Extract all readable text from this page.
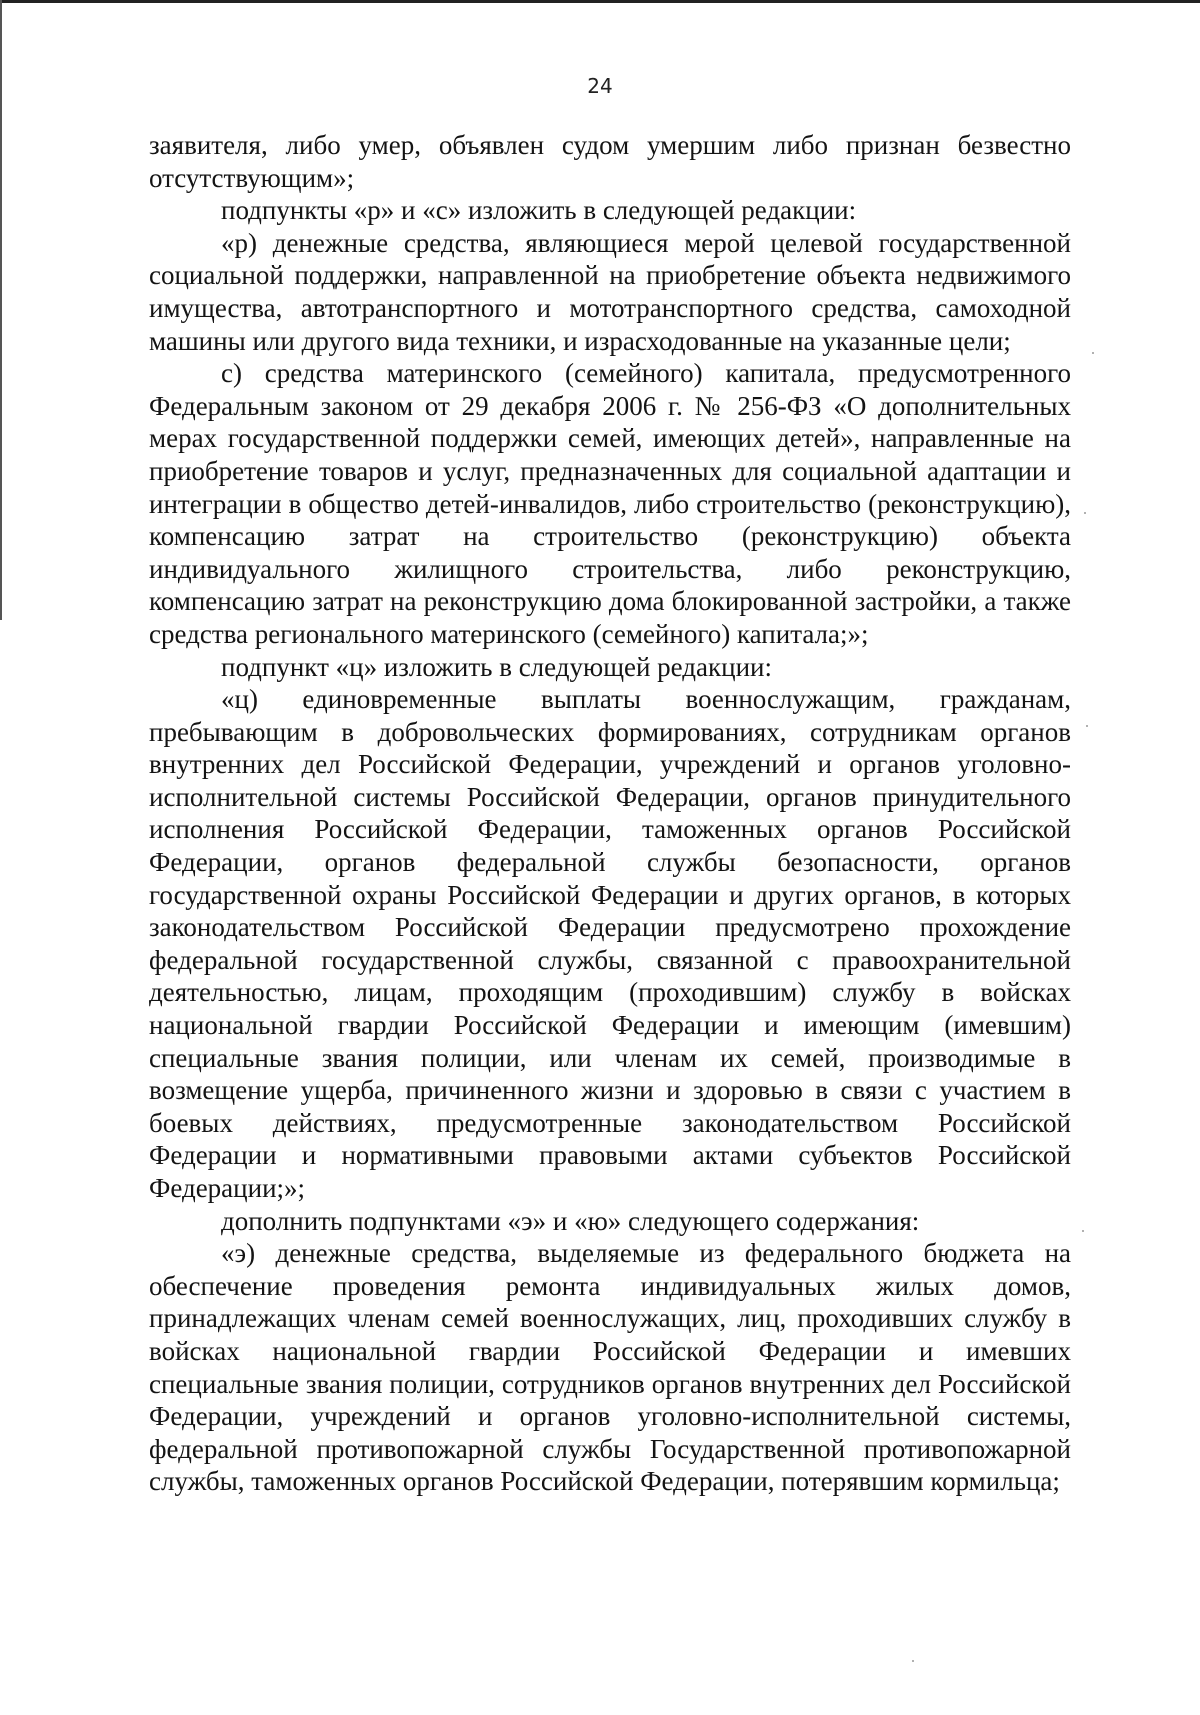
24

заявителя, либо умер, объявлен судом умершим либо признан безвестно отсутствующим»;

подпункты «р» и «с» изложить в следующей редакции:

«р) денежные средства, являющиеся мерой целевой государственной социальной поддержки, направленной на приобретение объекта недвижимого имущества, автотранспортного и мототранспортного средства, самоходной машины или другого вида техники, и израсходованные на указанные цели;

с) средства материнского (семейного) капитала, предусмотренного Федеральным законом от 29 декабря 2006 г. № 256-ФЗ «О дополнительных мерах государственной поддержки семей, имеющих детей», направленные на приобретение товаров и услуг, предназначенных для социальной адаптации и интеграции в общество детей-инвалидов, либо строительство (реконструкцию), компенсацию затрат на строительство (реконструкцию) объекта индивидуального жилищного строительства, либо реконструкцию, компенсацию затрат на реконструкцию дома блокированной застройки, а также средства регионального материнского (семейного) капитала;»;

подпункт «ц» изложить в следующей редакции:

«ц) единовременные выплаты военнослужащим, гражданам, пребывающим в добровольческих формированиях, сотрудникам органов внутренних дел Российской Федерации, учреждений и органов уголовно-исполнительной системы Российской Федерации, органов принудительного исполнения Российской Федерации, таможенных органов Российской Федерации, органов федеральной службы безопасности, органов государственной охраны Российской Федерации и других органов, в которых законодательством Российской Федерации предусмотрено прохождение федеральной государственной службы, связанной с правоохранительной деятельностью, лицам, проходящим (проходившим) службу в войсках национальной гвардии Российской Федерации и имеющим (имевшим) специальные звания полиции, или членам их семей, производимые в возмещение ущерба, причиненного жизни и здоровью в связи с участием в боевых действиях, предусмотренные законодательством Российской Федерации и нормативными правовыми актами субъектов Российской Федерации;»;

дополнить подпунктами «э» и «ю» следующего содержания:

«э) денежные средства, выделяемые из федерального бюджета на обеспечение проведения ремонта индивидуальных жилых домов, принадлежащих членам семей военнослужащих, лиц, проходивших службу в войсках национальной гвардии Российской Федерации и имевших специальные звания полиции, сотрудников органов внутренних дел Российской Федерации, учреждений и органов уголовно-исполнительной системы, федеральной противопожарной службы Государственной противопожарной службы, таможенных органов Российской Федерации, потерявшим кормильца;
